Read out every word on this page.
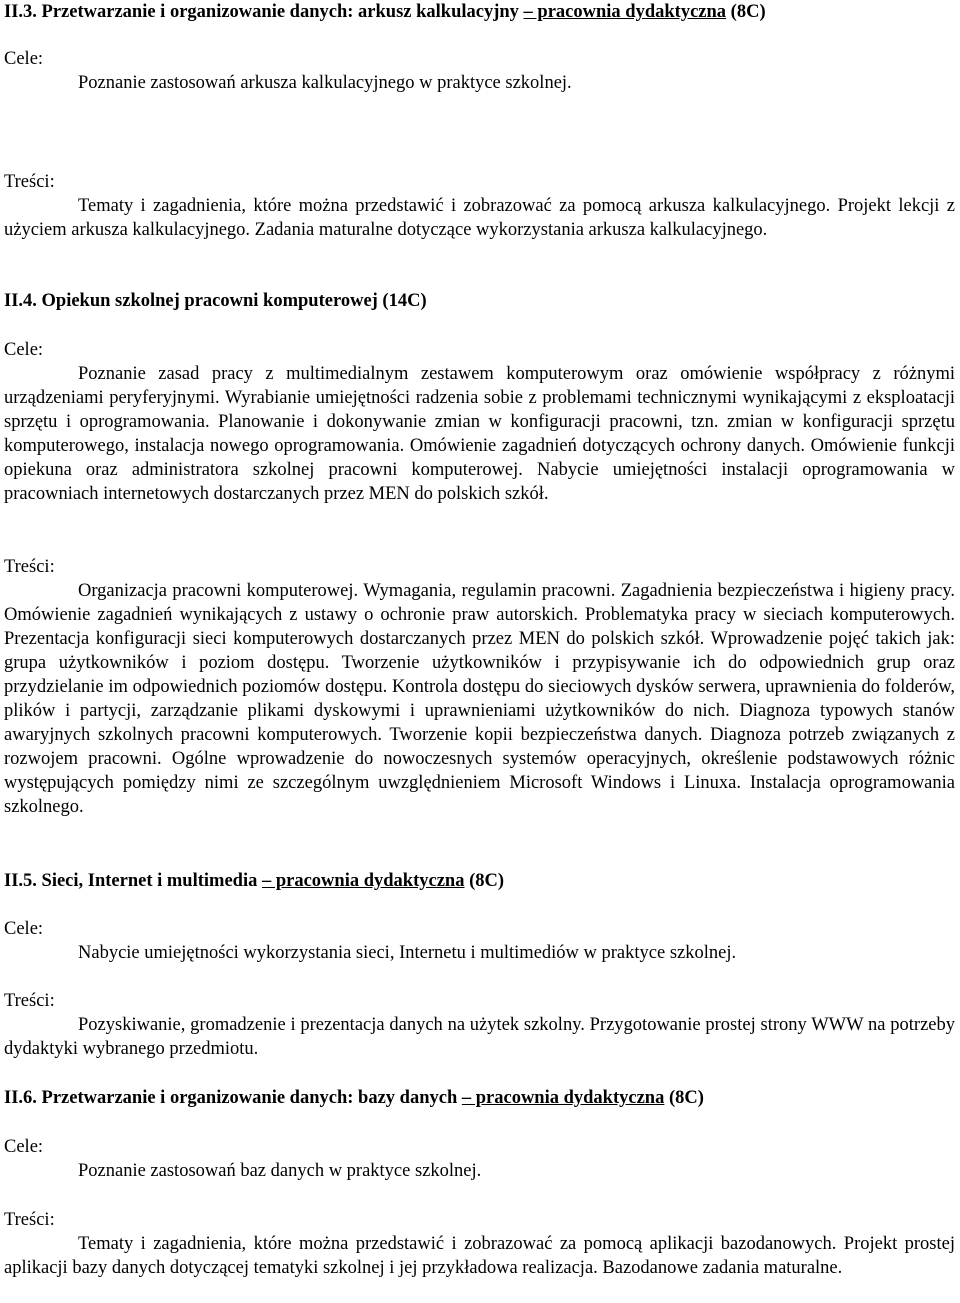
II.3. Przetwarzanie i organizowanie danych: arkusz kalkulacyjny – pracownia dydaktyczna (8C)
Cele:
Poznanie zastosowań arkusza kalkulacyjnego w praktyce szkolnej.
Treści:
Tematy i zagadnienia, które można przedstawić i zobrazować za pomocą arkusza kalkulacyjnego. Projekt lekcji z użyciem arkusza kalkulacyjnego. Zadania maturalne dotyczące wykorzystania arkusza kalkulacyjnego.
II.4. Opiekun szkolnej pracowni komputerowej (14C)
Cele:
Poznanie zasad pracy z multimedialnym zestawem komputerowym oraz omówienie współpracy z różnymi urządzeniami peryferyjnymi. Wyrabianie umiejętności radzenia sobie z problemami technicznymi wynikającymi z eksploatacji sprzętu i oprogramowania. Planowanie i dokonywanie zmian w konfiguracji pracowni, tzn. zmian w konfiguracji sprzętu komputerowego, instalacja nowego oprogramowania. Omówienie zagadnień dotyczących ochrony danych. Omówienie funkcji opiekuna oraz administratora szkolnej pracowni komputerowej. Nabycie umiejętności instalacji oprogramowania w pracowniach internetowych dostarczanych przez MEN do polskich szkół.
Treści:
Organizacja pracowni komputerowej. Wymagania, regulamin pracowni. Zagadnienia bezpieczeństwa i higieny pracy. Omówienie zagadnień wynikających z ustawy o ochronie praw autorskich. Problematyka pracy w sieciach komputerowych. Prezentacja konfiguracji sieci komputerowych dostarczanych przez MEN do polskich szkół. Wprowadzenie pojęć takich jak: grupa użytkowników i poziom dostępu. Tworzenie użytkowników i przypisywanie ich do odpowiednich grup oraz przydzielanie im odpowiednich poziomów dostępu. Kontrola dostępu do sieciowych dysków serwera, uprawnienia do folderów, plików i partycji, zarządzanie plikami dyskowymi i uprawnieniami użytkowników do nich. Diagnoza typowych stanów awaryjnych szkolnych pracowni komputerowych. Tworzenie kopii bezpieczeństwa danych. Diagnoza potrzeb związanych z rozwojem pracowni. Ogólne wprowadzenie do nowoczesnych systemów operacyjnych, określenie podstawowych różnic występujących pomiędzy nimi ze szczególnym uwzględnieniem Microsoft Windows i Linuxa. Instalacja oprogramowania szkolnego.
II.5. Sieci, Internet i multimedia – pracownia dydaktyczna (8C)
Cele:
Nabycie umiejętności wykorzystania sieci, Internetu i multimediów w praktyce szkolnej.
Treści:
Pozyskiwanie, gromadzenie i prezentacja danych na użytek szkolny. Przygotowanie prostej strony WWW na potrzeby dydaktyki wybranego przedmiotu.
II.6. Przetwarzanie i organizowanie danych: bazy danych – pracownia dydaktyczna (8C)
Cele:
Poznanie zastosowań baz danych w praktyce szkolnej.
Treści:
Tematy i zagadnienia, które można przedstawić i zobrazować za pomocą aplikacji bazodanowych. Projekt prostej aplikacji bazy danych dotyczącej tematyki szkolnej i jej przykładowa realizacja. Bazodanowe zadania maturalne.
